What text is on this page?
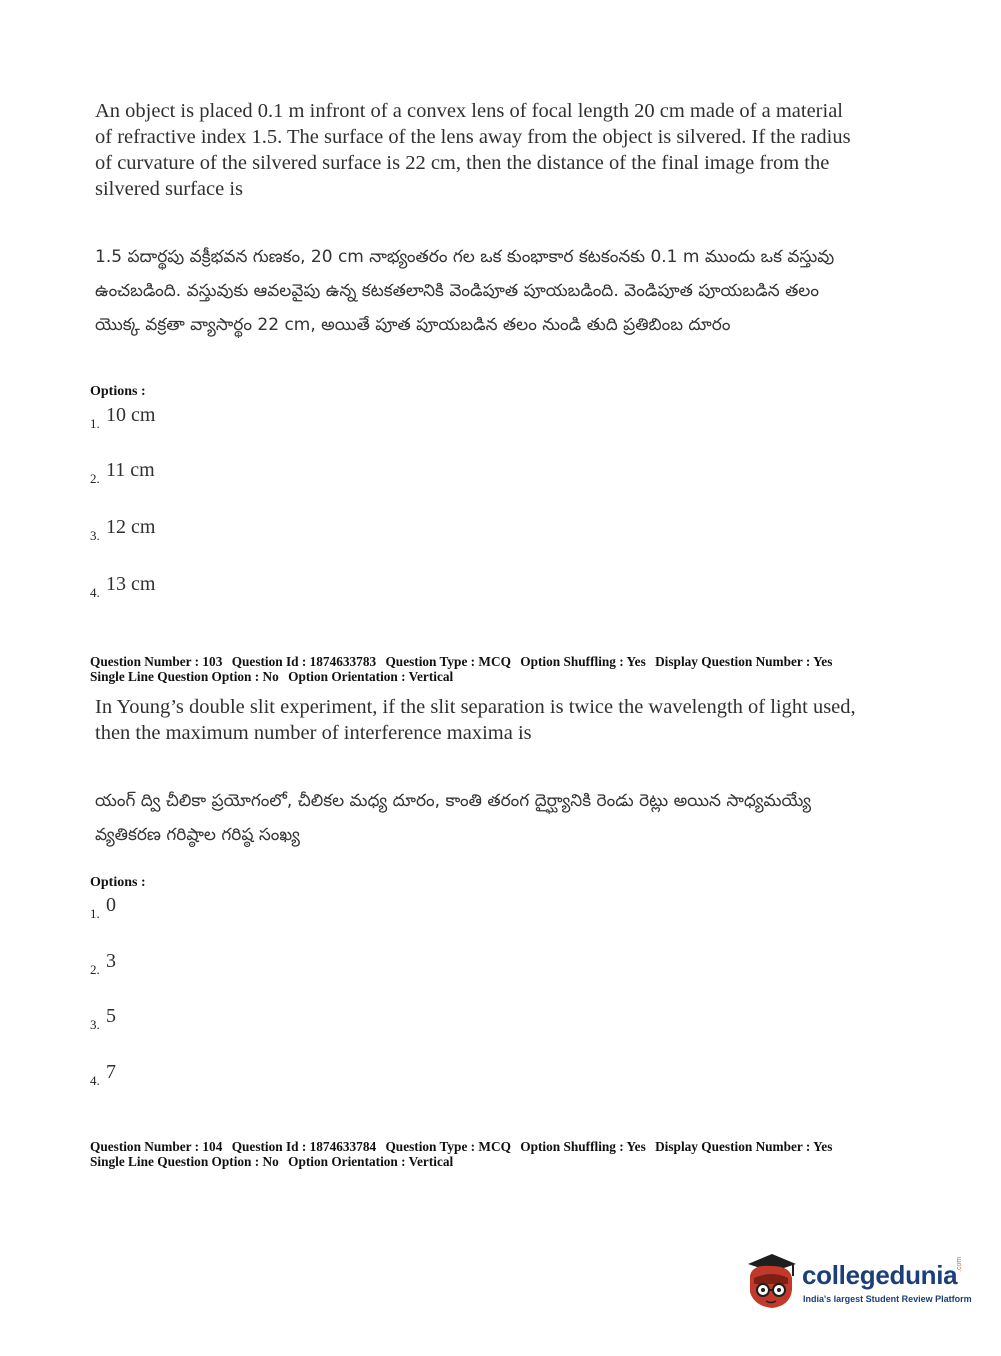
An object is placed 0.1 m infront of a convex lens of focal length 20 cm made of a material of refractive index 1.5. The surface of the lens away from the object is silvered. If the radius of curvature of the silvered surface is 22 cm, then the distance of the final image from the silvered surface is
1.5 పదార్థపు వక్రీభవన గుణకం, 20 cm నాభ్యంతరం గల ఒక కుంభాకార కటకంనకు 0.1 m ముందు ఒక వస్తువు ఉంచబడింది. వస్తువుకు ఆవలవైపు ఉన్న కటకతలానికి వెండిపూత పూయబడింది. వెండిపూత పూయబడిన తలం యొక్క వక్రతా వ్యాసార్థం 22 cm, అయితే పూత పూయబడిన తలం నుండి తుది ప్రతిబింబ దూరం
Options :
1 . 10 cm
2 . 11 cm
3 . 12 cm
4 . 13 cm
Question Number : 103 Question Id : 1874633783 Question Type : MCQ Option Shuffling : Yes Display Question Number : Yes
Single Line Question Option : No Option Orientation : Vertical
In Young’s double slit experiment, if the slit separation is twice the wavelength of light used, then the maximum number of interference maxima is
యంగ్ ద్వి చీలికా ప్రయోగంలో, చీలికల మధ్య దూరం, కాంతి తరంగ దైర్ఘ్యానికి రెండు రెట్లు అయిన సాధ్యమయ్యే వ్యతికరణ గరిష్ఠాల గరిష్ఠ సంఖ్య
Options :
1 . 0
2 . 3
3 . 5
4 . 7
Question Number : 104 Question Id : 1874633784 Question Type : MCQ Option Shuffling : Yes Display Question Number : Yes
Single Line Question Option : No Option Orientation : Vertical
collegedunia
.com
India's largest Student Review Platform
